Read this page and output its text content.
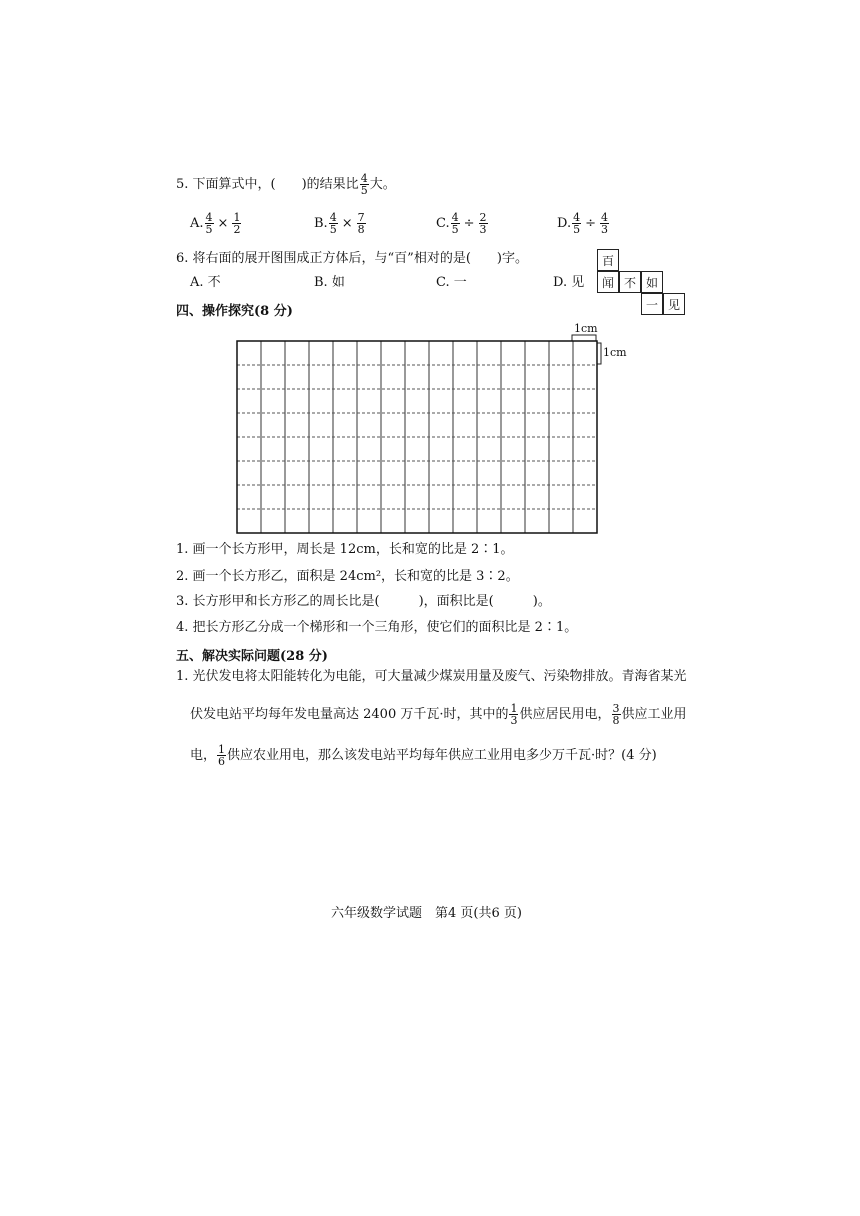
5. 下面算式中，(　　)的结果比 $\frac{4}{5}$ 大。
A. $\frac{4}{5} \times \frac{1}{2}$	B. $\frac{4}{5} \times \frac{7}{8}$	C. $\frac{4}{5} \div \frac{2}{3}$	D. $\frac{4}{5} \div \frac{4}{3}$
6. 将右面的展开图围成正方体后，与“百”相对的是(　　)字。
A. 不	B. 如	C. 一	D. 见
百
闻 不 如
一 见
四、操作探究(8 分)
1cm
1cm
1. 画一个长方形甲，周长是 12cm，长和宽的比是 2∶1。
2. 画一个长方形乙，面积是 24cm²，长和宽的比是 3∶2。
3. 长方形甲和长方形乙的周长比是(　　　)，面积比是(　　　)。
4. 把长方形乙分成一个梯形和一个三角形，使它们的面积比是 2∶1。
五、解决实际问题(28 分)
1. 光伏发电将太阳能转化为电能，可大量减少煤炭用量及废气、污染物排放。青海省某光
伏发电站平均每年发电量高达 2400 万千瓦·时，其中的 $\frac{1}{3}$ 供应居民用电， $\frac{3}{8}$ 供应工业用
电， $\frac{1}{6}$ 供应农业用电，那么该发电站平均每年供应工业用电多少万千瓦·时？(4 分)
六年级数学试题　第4 页(共6 页)
